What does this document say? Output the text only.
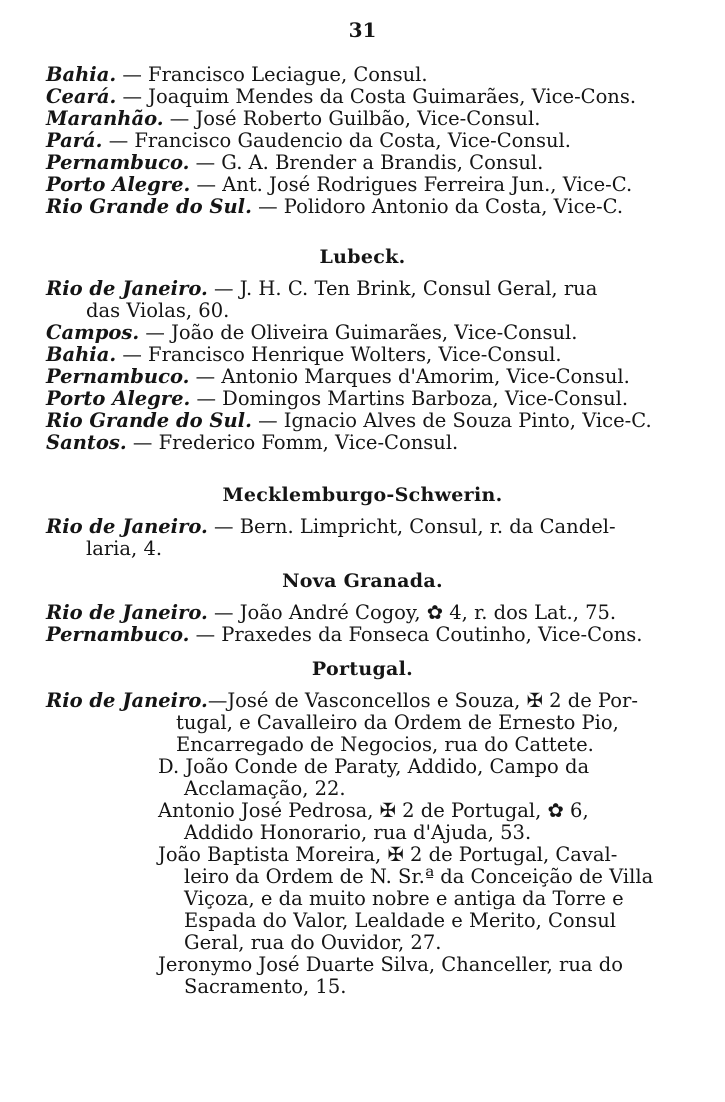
31
Bahia. — Francisco Leciague, Consul.
Ceará. — Joaquim Mendes da Costa Guimarães, Vice-Cons.
Maranhão. — José Roberto Guilbão, Vice-Consul.
Pará. — Francisco Gaudencio da Costa, Vice-Consul.
Pernambuco. — G. A. Brender a Brandis, Consul.
Porto Alegre. — Ant. José Rodrigues Ferreira Jun., Vice-C.
Rio Grande do Sul. — Polidoro Antonio da Costa, Vice-C.
Lubeck.
Rio de Janeiro. — J. H. C. Ten Brink, Consul Geral, rua
das Violas, 60.
Campos. — João de Oliveira Guimarães, Vice-Consul.
Bahia. — Francisco Henrique Wolters, Vice-Consul.
Pernambuco. — Antonio Marques d'Amorim, Vice-Consul.
Porto Alegre. — Domingos Martins Barboza, Vice-Consul.
Rio Grande do Sul. — Ignacio Alves de Souza Pinto, Vice-C.
Santos. — Frederico Fomm, Vice-Consul.
Mecklemburgo-Schwerin.
Rio de Janeiro. — Bern. Limpricht, Consul, r. da Candel-
laria, 4.
Nova Granada.
Rio de Janeiro. — João André Cogoy, ✿ 4, r. dos Lat., 75.
Pernambuco. — Praxedes da Fonseca Coutinho, Vice-Cons.
Portugal.
Rio de Janeiro.—José de Vasconcellos e Souza, ✠ 2 de Por-
tugal, e Cavalleiro da Ordem de Ernesto Pio,
Encarregado de Negocios, rua do Cattete.
D. João Conde de Paraty, Addido, Campo da
Acclamação, 22.
Antonio José Pedrosa, ✠ 2 de Portugal, ✿ 6,
Addido Honorario, rua d'Ajuda, 53.
João Baptista Moreira, ✠ 2 de Portugal, Caval-
leiro da Ordem de N. Sr.ª da Conceição de Villa
Viçoza, e da muito nobre e antiga da Torre e
Espada do Valor, Lealdade e Merito, Consul
Geral, rua do Ouvidor, 27.
Jeronymo José Duarte Silva, Chanceller, rua do
Sacramento, 15.
